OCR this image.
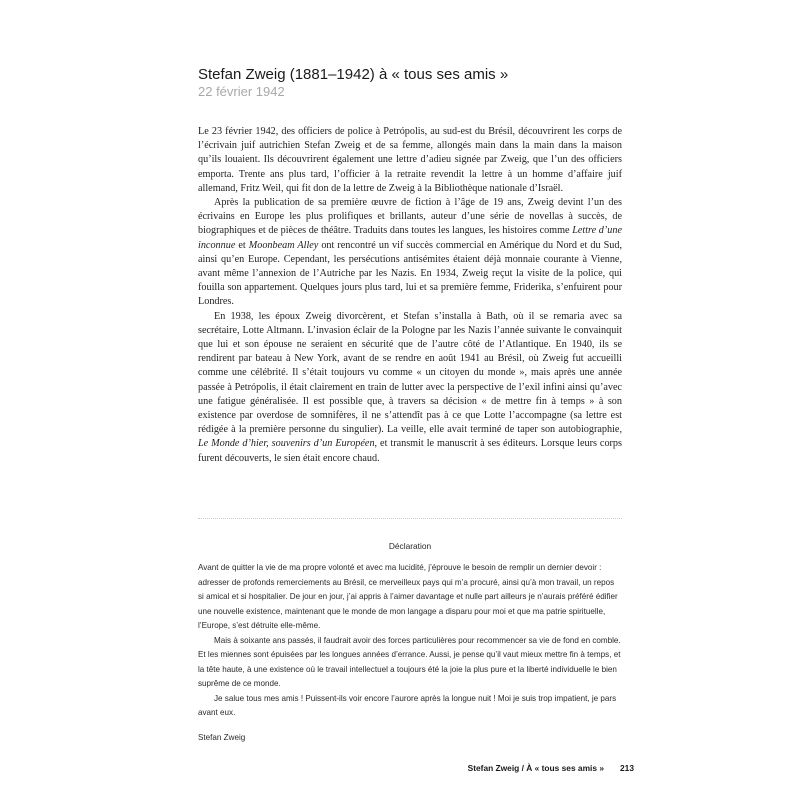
Stefan Zweig (1881–1942) à « tous ses amis »
22 février 1942

Le 23 février 1942, des officiers de police à Petrópolis, au sud-est du Brésil, découvrirent les corps de l’écrivain juif autrichien Stefan Zweig et de sa femme, allongés main dans la main dans la maison qu’ils louaient. Ils découvrirent également une lettre d’adieu signée par Zweig, que l’un des officiers emporta. Trente ans plus tard, l’officier à la retraite revendit la lettre à un homme d’affaire juif allemand, Fritz Weil, qui fit don de la lettre de Zweig à la Bibliothèque nationale d’Israël.

Après la publication de sa première œuvre de fiction à l’âge de 19 ans, Zweig devint l’un des écrivains en Europe les plus prolifiques et brillants, auteur d’une série de novellas à succès, de biographiques et de pièces de théâtre. Traduits dans toutes les langues, les histoires comme Lettre d’une inconnue et Moonbeam Alley ont rencontré un vif succès commercial en Amérique du Nord et du Sud, ainsi qu’en Europe. Cependant, les persécutions antisémites étaient déjà monnaie courante à Vienne, avant même l’annexion de l’Autriche par les Nazis. En 1934, Zweig reçut la visite de la police, qui fouilla son appartement. Quelques jours plus tard, lui et sa première femme, Friderika, s’enfuirent pour Londres.

En 1938, les époux Zweig divorcèrent, et Stefan s’installa à Bath, où il se remaria avec sa secrétaire, Lotte Altmann. L’invasion éclair de la Pologne par les Nazis l’année suivante le convainquit que lui et son épouse ne seraient en sécurité que de l’autre côté de l’Atlantique. En 1940, ils se rendirent par bateau à New York, avant de se rendre en août 1941 au Brésil, où Zweig fut accueilli comme une célébrité. Il s’était toujours vu comme « un citoyen du monde », mais après une année passée à Petrópolis, il était clairement en train de lutter avec la perspective de l’exil infini ainsi qu’avec une fatigue généralisée. Il est possible que, à travers sa décision « de mettre fin à temps » à son existence par overdose de somnifères, il ne s’attendît pas à ce que Lotte l’accompagne (sa lettre est rédigée à la première personne du singulier). La veille, elle avait terminé de taper son autobiographie, Le Monde d’hier, souvenirs d’un Européen, et transmit le manuscrit à ses éditeurs. Lorsque leurs corps furent découverts, le sien était encore chaud.

Déclaration

Avant de quitter la vie de ma propre volonté et avec ma lucidité, j’éprouve le besoin de remplir un dernier devoir : adresser de profonds remerciements au Brésil, ce merveilleux pays qui m’a procuré, ainsi qu’à mon travail, un repos si amical et si hospitalier. De jour en jour, j’ai appris à l’aimer davantage et nulle part ailleurs je n’aurais préféré édifier une nouvelle existence, maintenant que le monde de mon langage a disparu pour moi et que ma patrie spirituelle, l’Europe, s’est détruite elle-même.

Mais à soixante ans passés, il faudrait avoir des forces particulières pour recommencer sa vie de fond en comble. Et les miennes sont épuisées par les longues années d’errance. Aussi, je pense qu’il vaut mieux mettre fin à temps, et la tête haute, à une existence où le travail intellectuel a toujours été la joie la plus pure et la liberté individuelle le bien suprême de ce monde.

Je salue tous mes amis ! Puissent-ils voir encore l’aurore après la longue nuit ! Moi je suis trop impatient, je pars avant eux.

Stefan Zweig
Stefan Zweig / À « tous ses amis » 213
